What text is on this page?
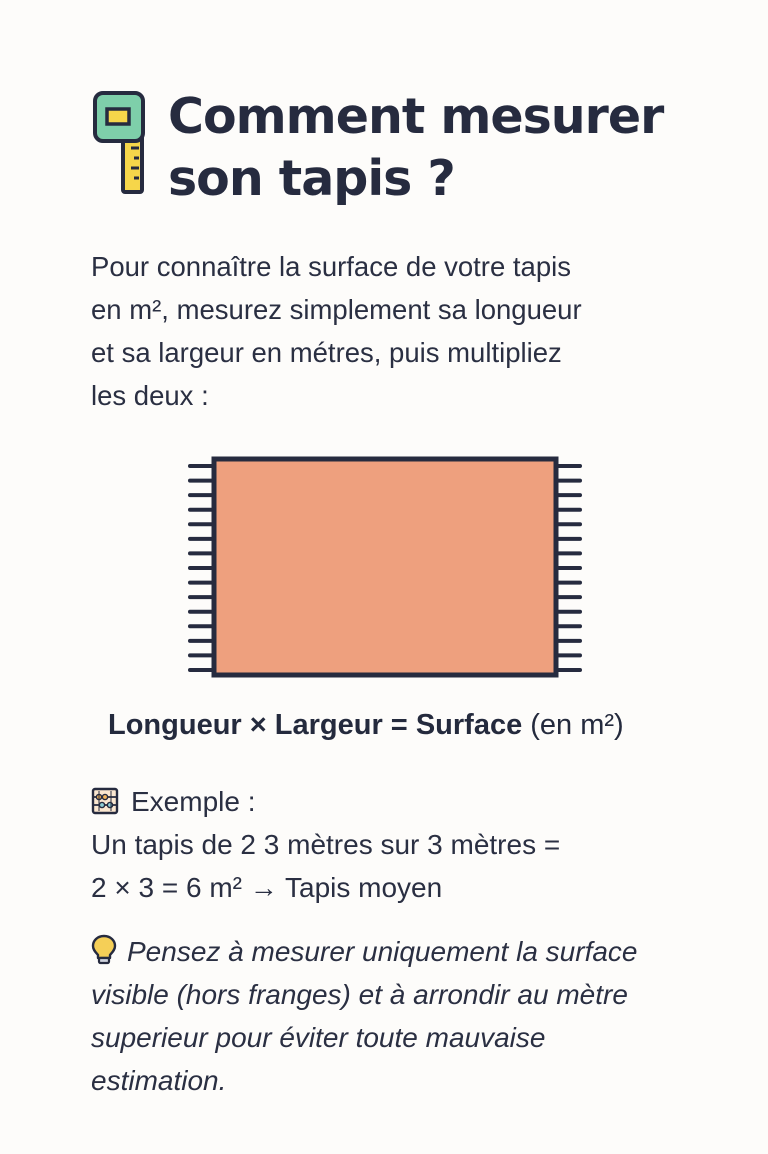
Comment mesurer
son tapis ?

Pour connaître la surface de votre tapis
en m², mesurez simplement sa longueur
et sa largeur en métres, puis multipliez
les deux :

Longueur × Largeur = Surface (en m²)

Exemple :
Un tapis de 2 3 mètres sur 3 mètres =
2 × 3 = 6 m² → Tapis moyen
Pensez à mesurer uniquement la surface
visible (hors franges) et à arrondir au mètre
superieur pour éviter toute mauvaise
estimation.
